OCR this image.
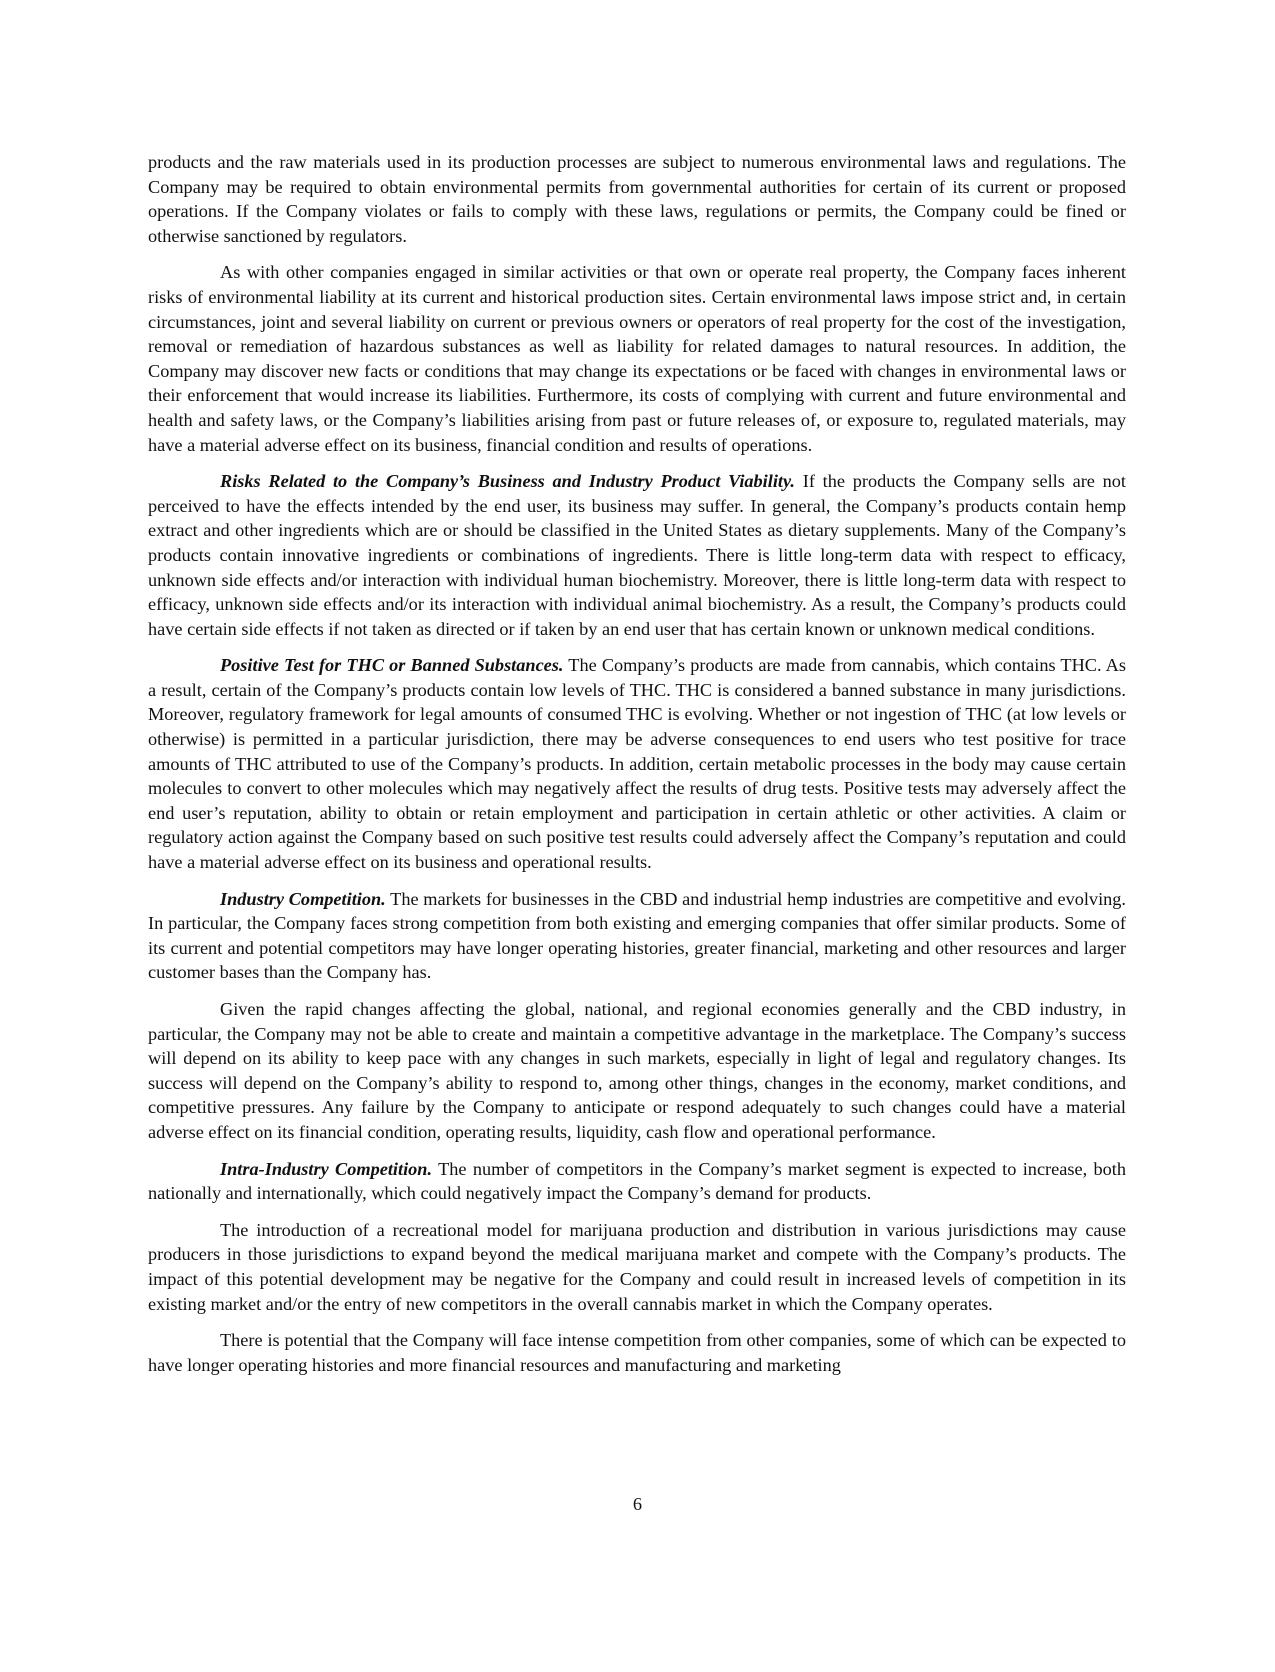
products and the raw materials used in its production processes are subject to numerous environmental laws and regulations. The Company may be required to obtain environmental permits from governmental authorities for certain of its current or proposed operations. If the Company violates or fails to comply with these laws, regulations or permits, the Company could be fined or otherwise sanctioned by regulators.

As with other companies engaged in similar activities or that own or operate real property, the Company faces inherent risks of environmental liability at its current and historical production sites. Certain environmental laws impose strict and, in certain circumstances, joint and several liability on current or previous owners or operators of real property for the cost of the investigation, removal or remediation of hazardous substances as well as liability for related damages to natural resources. In addition, the Company may discover new facts or conditions that may change its expectations or be faced with changes in environmental laws or their enforcement that would increase its liabilities. Furthermore, its costs of complying with current and future environmental and health and safety laws, or the Company’s liabilities arising from past or future releases of, or exposure to, regulated materials, may have a material adverse effect on its business, financial condition and results of operations.

Risks Related to the Company’s Business and Industry Product Viability. If the products the Company sells are not perceived to have the effects intended by the end user, its business may suffer. In general, the Company’s products contain hemp extract and other ingredients which are or should be classified in the United States as dietary supplements. Many of the Company’s products contain innovative ingredients or combinations of ingredients. There is little long-term data with respect to efficacy, unknown side effects and/or interaction with individual human biochemistry. Moreover, there is little long-term data with respect to efficacy, unknown side effects and/or its interaction with individual animal biochemistry. As a result, the Company’s products could have certain side effects if not taken as directed or if taken by an end user that has certain known or unknown medical conditions.

Positive Test for THC or Banned Substances. The Company’s products are made from cannabis, which contains THC. As a result, certain of the Company’s products contain low levels of THC. THC is considered a banned substance in many jurisdictions. Moreover, regulatory framework for legal amounts of consumed THC is evolving. Whether or not ingestion of THC (at low levels or otherwise) is permitted in a particular jurisdiction, there may be adverse consequences to end users who test positive for trace amounts of THC attributed to use of the Company’s products. In addition, certain metabolic processes in the body may cause certain molecules to convert to other molecules which may negatively affect the results of drug tests. Positive tests may adversely affect the end user’s reputation, ability to obtain or retain employment and participation in certain athletic or other activities. A claim or regulatory action against the Company based on such positive test results could adversely affect the Company’s reputation and could have a material adverse effect on its business and operational results.

Industry Competition. The markets for businesses in the CBD and industrial hemp industries are competitive and evolving. In particular, the Company faces strong competition from both existing and emerging companies that offer similar products. Some of its current and potential competitors may have longer operating histories, greater financial, marketing and other resources and larger customer bases than the Company has.

Given the rapid changes affecting the global, national, and regional economies generally and the CBD industry, in particular, the Company may not be able to create and maintain a competitive advantage in the marketplace. The Company’s success will depend on its ability to keep pace with any changes in such markets, especially in light of legal and regulatory changes. Its success will depend on the Company’s ability to respond to, among other things, changes in the economy, market conditions, and competitive pressures. Any failure by the Company to anticipate or respond adequately to such changes could have a material adverse effect on its financial condition, operating results, liquidity, cash flow and operational performance.

Intra-Industry Competition. The number of competitors in the Company’s market segment is expected to increase, both nationally and internationally, which could negatively impact the Company’s demand for products.

The introduction of a recreational model for marijuana production and distribution in various jurisdictions may cause producers in those jurisdictions to expand beyond the medical marijuana market and compete with the Company’s products. The impact of this potential development may be negative for the Company and could result in increased levels of competition in its existing market and/or the entry of new competitors in the overall cannabis market in which the Company operates.

There is potential that the Company will face intense competition from other companies, some of which can be expected to have longer operating histories and more financial resources and manufacturing and marketing

6
